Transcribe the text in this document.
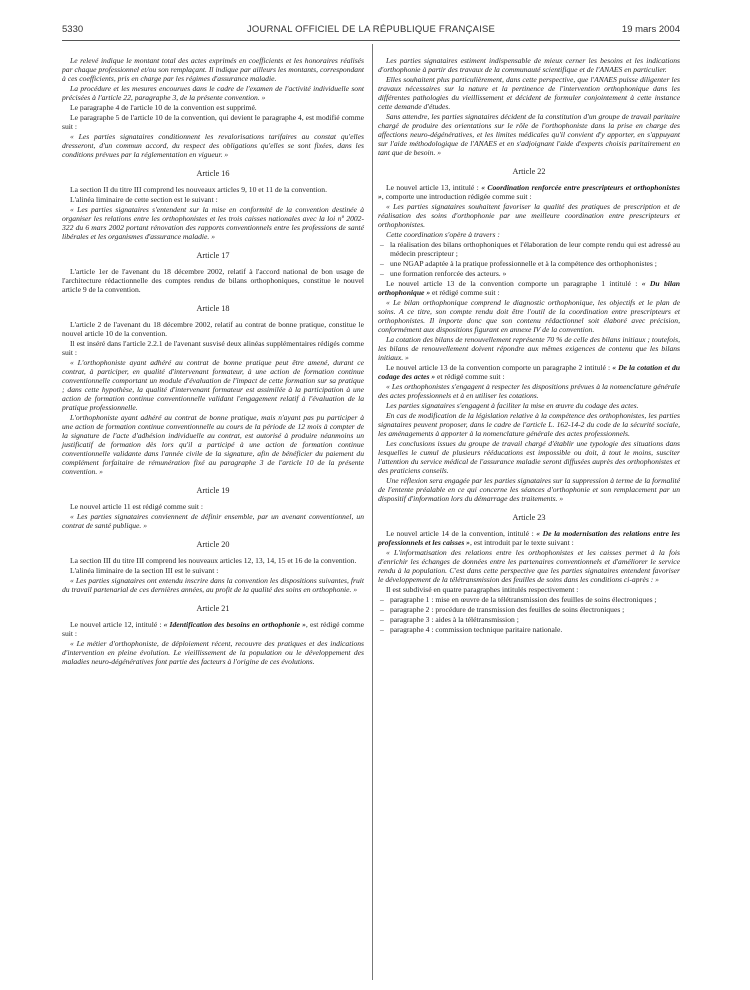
5330	JOURNAL OFFICIEL DE LA RÉPUBLIQUE FRANÇAISE	19 mars 2004

Le relevé indique le montant total des actes exprimés en coefficients et les honoraires réalisés par chaque professionnel et/ou son remplaçant. Il indique par ailleurs les montants, correspondant à ces coefficients, pris en charge par les régimes d'assurance maladie.

La procédure et les mesures encourues dans le cadre de l'examen de l'activité individuelle sont précisées à l'article 22, paragraphe 3, de la présente convention. »

Le paragraphe 4 de l'article 10 de la convention est supprimé.

Le paragraphe 5 de l'article 10 de la convention, qui devient le paragraphe 4, est modifié comme suit :

« Les parties signataires conditionnent les revalorisations tarifaires au constat qu'elles dresseront, d'un commun accord, du respect des obligations qu'elles se sont fixées, dans les conditions prévues par la réglementation en vigueur. »

Article 16

La section II du titre III comprend les nouveaux articles 9, 10 et 11 de la convention.

L'alinéa liminaire de cette section est le suivant :

« Les parties signataires s'entendent sur la mise en conformité de la convention destinée à organiser les relations entre les orthophonistes et les trois caisses nationales avec la loi nº 2002-322 du 6 mars 2002 portant rénovation des rapports conventionnels entre les professions de santé libérales et les organismes d'assurance maladie. »

Article 17

L'article 1er de l'avenant du 18 décembre 2002, relatif à l'accord national de bon usage de l'architecture rédactionnelle des comptes rendus de bilans orthophoniques, constitue le nouvel article 9 de la convention.

Article 18

L'article 2 de l'avenant du 18 décembre 2002, relatif au contrat de bonne pratique, constitue le nouvel article 10 de la convention.

Il est inséré dans l'article 2.2.1 de l'avenant susvisé deux alinéas supplémentaires rédigés comme suit :

« L'orthophoniste ayant adhéré au contrat de bonne pratique peut être amené, durant ce contrat, à participer, en qualité d'intervenant formateur, à une action de formation continue conventionnelle comportant un module d'évaluation de l'impact de cette formation sur sa pratique ; dans cette hypothèse, la qualité d'intervenant formateur est assimilée à la participation à une action de formation continue conventionnelle validant l'engagement relatif à l'évaluation de la pratique professionnelle.

L'orthophoniste ayant adhéré au contrat de bonne pratique, mais n'ayant pas pu participer à une action de formation continue conventionnelle au cours de la période de 12 mois à compter de la signature de l'acte d'adhésion individuelle au contrat, est autorisé à produire néanmoins un justificatif de formation dès lors qu'il a participé à une action de formation continue conventionnelle validante dans l'année civile de la signature, afin de bénéficier du paiement du complément forfaitaire de rémunération fixé au paragraphe 3 de l'article 10 de la présente convention. »

Article 19

Le nouvel article 11 est rédigé comme suit :

« Les parties signataires conviennent de définir ensemble, par un avenant conventionnel, un contrat de santé publique. »

Article 20

La section III du titre III comprend les nouveaux articles 12, 13, 14, 15 et 16 de la convention.

L'alinéa liminaire de la section III est le suivant :

« Les parties signataires ont entendu inscrire dans la convention les dispositions suivantes, fruit du travail partenarial de ces dernières années, au profit de la qualité des soins en orthophonie. »

Article 21

Le nouvel article 12, intitulé : « Identification des besoins en orthophonie », est rédigé comme suit :

« Le métier d'orthophoniste, de déploiement récent, recouvre des pratiques et des indications d'intervention en pleine évolution. Le vieillissement de la population ou le développement des maladies neuro-dégénératives font partie des facteurs à l'origine de ces évolutions.

Les parties signataires estiment indispensable de mieux cerner les besoins et les indications d'orthophonie à partir des travaux de la communauté scientifique et de l'ANAES en particulier.

Elles souhaitent plus particulièrement, dans cette perspective, que l'ANAES puisse diligenter les travaux nécessaires sur la nature et la pertinence de l'intervention orthophonique dans les différentes pathologies du vieillissement et décident de formuler conjointement à cette instance cette demande d'études.

Sans attendre, les parties signataires décident de la constitution d'un groupe de travail paritaire chargé de produire des orientations sur le rôle de l'orthophoniste dans la prise en charge des affections neuro-dégénératives, et les limites médicales qu'il convient d'y apporter, en s'appuyant sur l'aide méthodologique de l'ANAES et en s'adjoignant l'aide d'experts choisis paritairement en tant que de besoin. »

Article 22

Le nouvel article 13, intitulé : « Coordination renforcée entre prescripteurs et orthophonistes », comporte une introduction rédigée comme suit :

« Les parties signataires souhaitent favoriser la qualité des pratiques de prescription et de réalisation des soins d'orthophonie par une meilleure coordination entre prescripteurs et orthophonistes.

Cette coordination s'opère à travers :

– la réalisation des bilans orthophoniques et l'élaboration de leur compte rendu qui est adressé au médecin prescripteur ;

– une NGAP adaptée à la pratique professionnelle et à la compétence des orthophonistes ;

– une formation renforcée des acteurs. »

Le nouvel article 13 de la convention comporte un paragraphe 1 intitulé : « Du bilan orthophonique » et rédigé comme suit :

« Le bilan orthophonique comprend le diagnostic orthophonique, les objectifs et le plan de soins. A ce titre, son compte rendu doit être l'outil de la coordination entre prescripteurs et orthophonistes. Il importe donc que son contenu rédactionnel soit élaboré avec précision, conformément aux dispositions figurant en annexe IV de la convention.

La cotation des bilans de renouvellement représente 70 % de celle des bilans initiaux ; toutefois, les bilans de renouvellement doivent répondre aux mêmes exigences de contenu que les bilans initiaux. »

Le nouvel article 13 de la convention comporte un paragraphe 2 intitulé : « De la cotation et du codage des actes » et rédigé comme suit :

« Les orthophonistes s'engagent à respecter les dispositions prévues à la nomenclature générale des actes professionnels et à en utiliser les cotations.

Les parties signataires s'engagent à faciliter la mise en œuvre du codage des actes.

En cas de modification de la législation relative à la compétence des orthophonistes, les parties signataires peuvent proposer, dans le cadre de l'article L. 162-14-2 du code de la sécurité sociale, les aménagements à apporter à la nomenclature générale des actes professionnels.

Les conclusions issues du groupe de travail chargé d'établir une typologie des situations dans lesquelles le cumul de plusieurs rééducations est impossible ou doit, à tout le moins, susciter l'attention du service médical de l'assurance maladie seront diffusées auprès des orthophonistes et des praticiens conseils.

Une réflexion sera engagée par les parties signataires sur la suppression à terme de la formalité de l'entente préalable en ce qui concerne les séances d'orthophonie et son remplacement par un dispositif d'information lors du démarrage des traitements. »

Article 23

Le nouvel article 14 de la convention, intitulé : « De la modernisation des relations entre les professionnels et les caisses », est introduit par le texte suivant :

« L'informatisation des relations entre les orthophonistes et les caisses permet à la fois d'enrichir les échanges de données entre les partenaires conventionnels et d'améliorer le service rendu à la population. C'est dans cette perspective que les parties signataires entendent favoriser le développement de la télétransmission des feuilles de soins dans les conditions ci-après : »

Il est subdivisé en quatre paragraphes intitulés respectivement :

– paragraphe 1 : mise en œuvre de la télétransmission des feuilles de soins électroniques ;

– paragraphe 2 : procédure de transmission des feuilles de soins électroniques ;

– paragraphe 3 : aides à la télétransmission ;

– paragraphe 4 : commission technique paritaire nationale.
